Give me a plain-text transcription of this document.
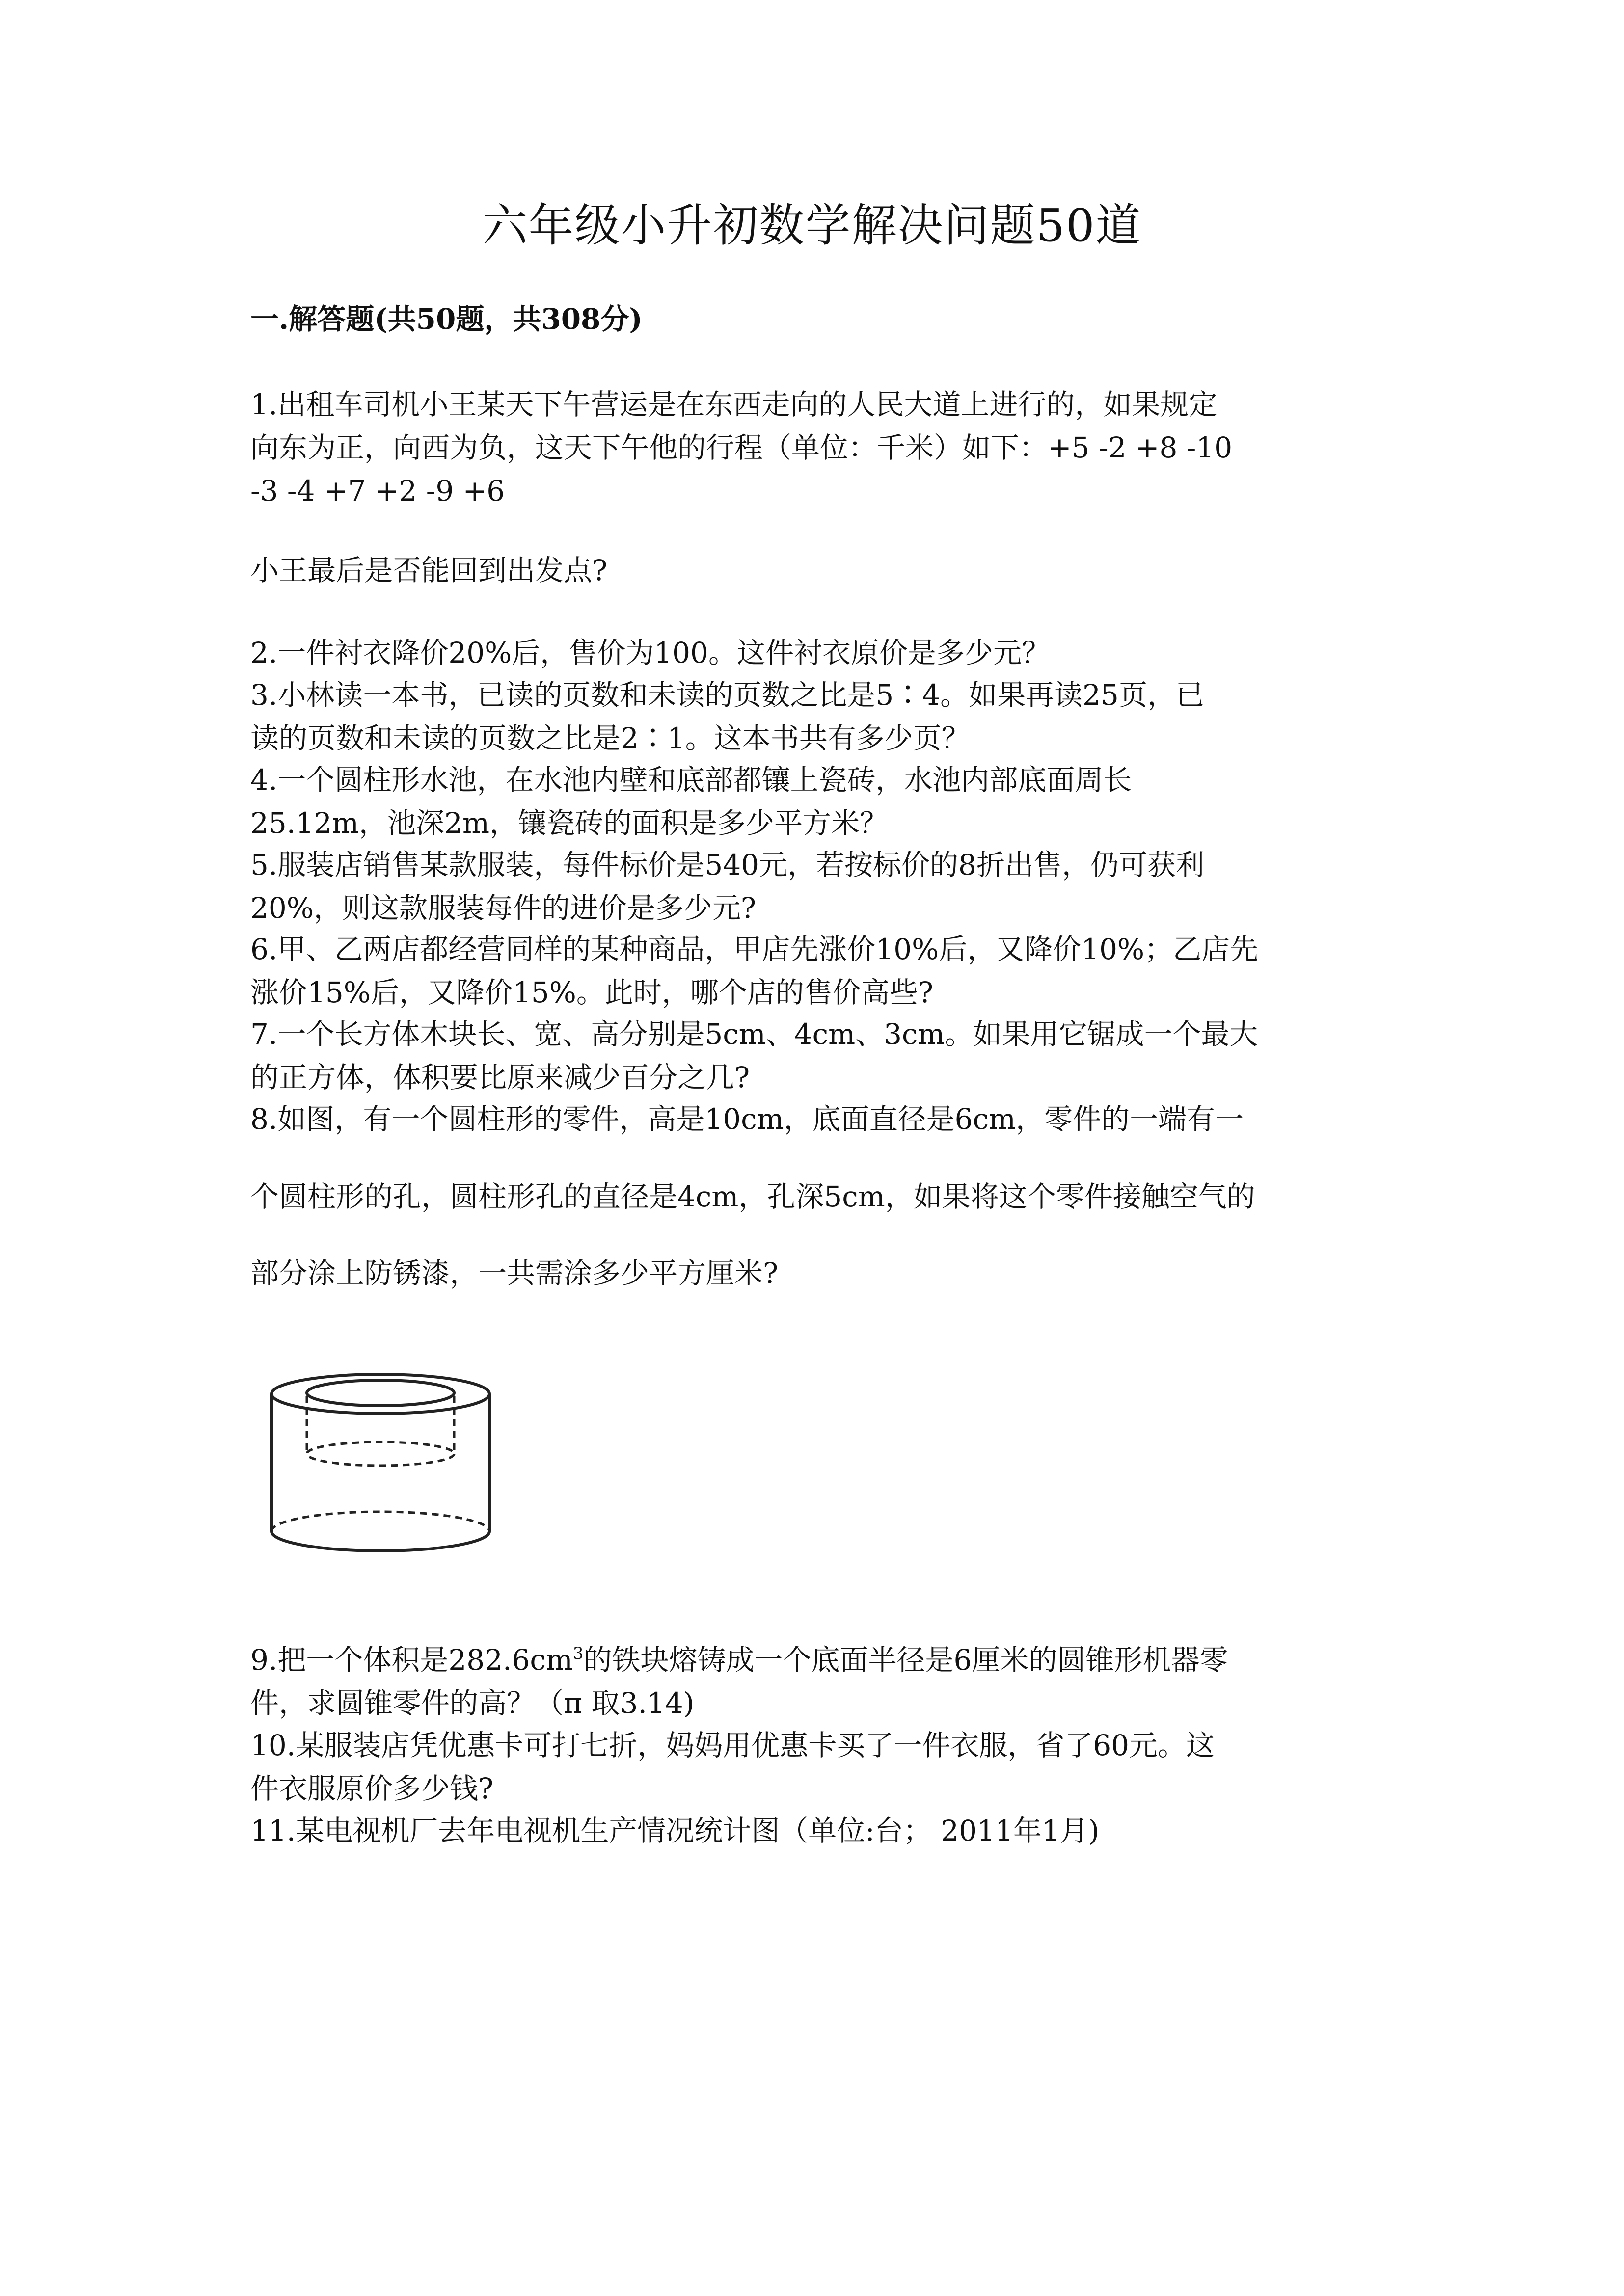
六年级小升初数学解决问题50道
一.解答题(共50题，共308分)
1.出租车司机小王某天下午营运是在东西走向的人民大道上进行的，如果规定
向东为正，向西为负，这天下午他的行程（单位：千米）如下：+5 -2 +8 -10
-3 -4 +7 +2 -9 +6
小王最后是否能回到出发点?
2.一件衬衣降价20%后，售价为100。这件衬衣原价是多少元？
3.小林读一本书，已读的页数和未读的页数之比是5∶4。如果再读25页，已
读的页数和未读的页数之比是2∶1。这本书共有多少页？
4.一个圆柱形水池，在水池内壁和底部都镶上瓷砖，水池内部底面周长
25.12m，池深2m，镶瓷砖的面积是多少平方米？
5.服装店销售某款服装，每件标价是540元，若按标价的8折出售，仍可获利
20%，则这款服装每件的进价是多少元?
6.甲、乙两店都经营同样的某种商品，甲店先涨价10%后，又降价10%；乙店先
涨价15%后，又降价15%。此时，哪个店的售价高些?
7.一个长方体木块长、宽、高分别是5cm、4cm、3cm。如果用它锯成一个最大
的正方体，体积要比原来减少百分之几?
8.如图，有一个圆柱形的零件，高是10cm，底面直径是6cm，零件的一端有一
个圆柱形的孔，圆柱形孔的直径是4cm，孔深5cm，如果将这个零件接触空气的
部分涂上防锈漆，一共需涂多少平方厘米?
9.把一个体积是$282.6cm^3$的铁块熔铸成一个底面半径是6厘米的圆锥形机器零
件，求圆锥零件的高？（π 取3.14)
10.某服装店凭优惠卡可打七折，妈妈用优惠卡买了一件衣服，省了60元。这
件衣服原价多少钱?
11.某电视机厂去年电视机生产情况统计图（单位:台； 2011年1月)
